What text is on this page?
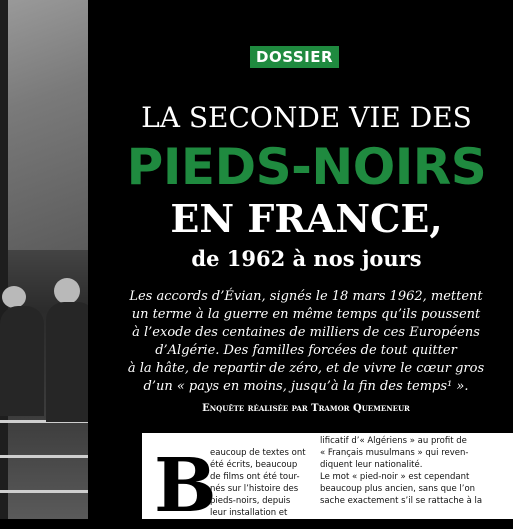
DOSSIER
LA SECONDE VIE DES
PIEDS-NOIRS
EN FRANCE,
de 1962 à nos jours
Les accords d’Évian, signés le 18 mars 1962, mettent
un terme à la guerre en même temps qu’ils poussent
à l’exode des centaines de milliers de ces Européens
d’Algérie. Des familles forcées de tout quitter
à la hâte, de repartir de zéro, et de vivre le cœur gros
d’un « pays en moins, jusqu’à la fin des temps¹ ».
Enquête réalisée par Tramor Quemeneur
B
eaucoup de textes ont
été écrits, beaucoup
de films ont été tour-
nés sur l’histoire des
pieds-noirs, depuis
leur installation et
lificatif d’« Algériens » au profit de
« Français musulmans » qui reven-
diquent leur nationalité.
Le mot « pied-noir » est cependant
beaucoup plus ancien, sans que l’on
sache exactement s’il se rattache à la
